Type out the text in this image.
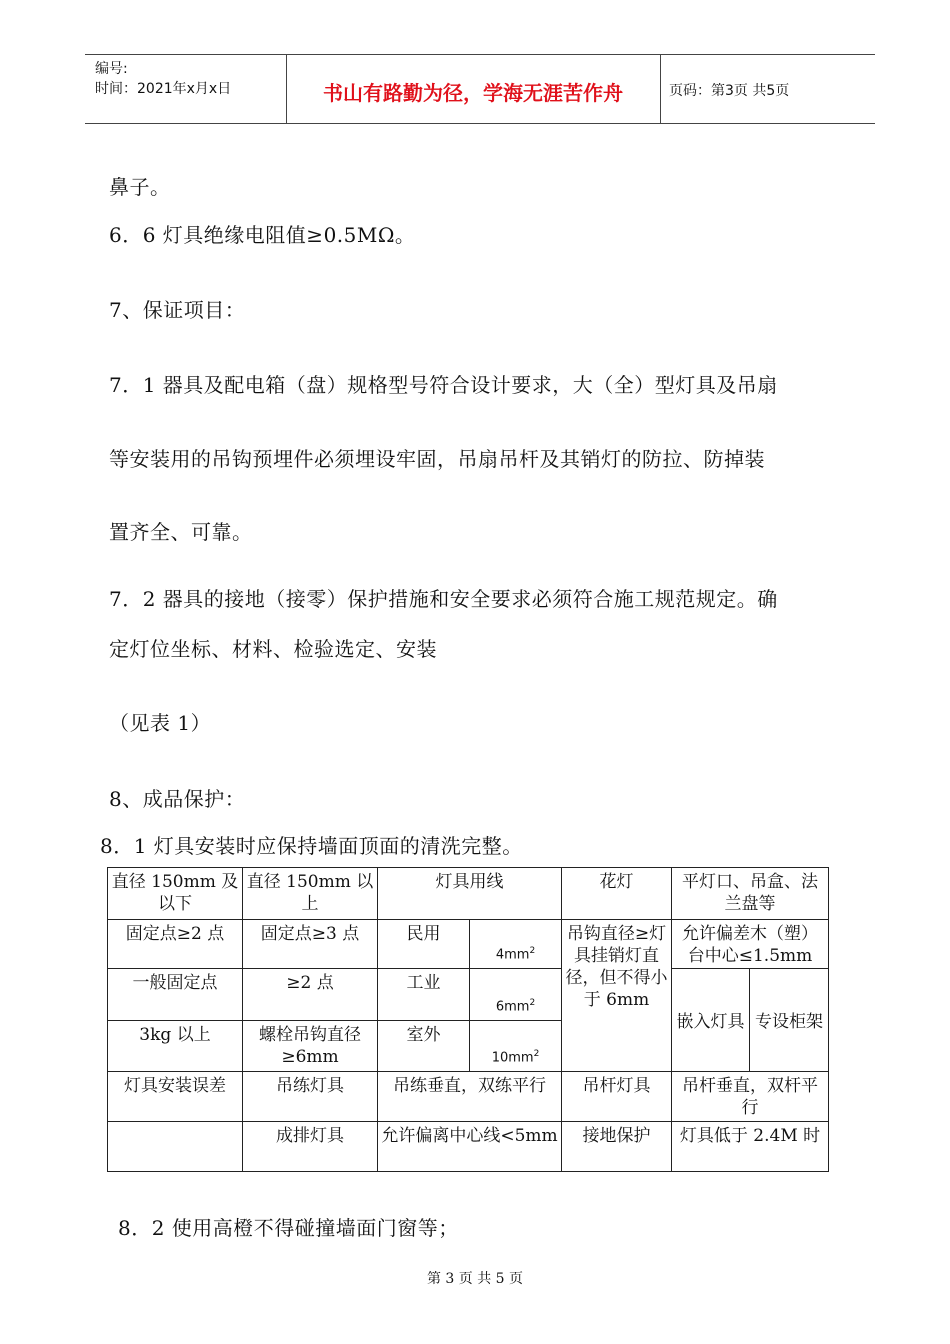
编号:
时间：2021年x月x日	书山有路勤为径，学海无涯苦作舟	页码：第3页 共5页
鼻子。
6．6 灯具绝缘电阻值≥0.5MΩ。
7、保证项目：
7．1 器具及配电箱（盘）规格型号符合设计要求，大（全）型灯具及吊扇
等安装用的吊钩预埋件必须埋设牢固，吊扇吊杆及其销灯的防拉、防掉装
置齐全、可靠。
7．2 器具的接地（接零）保护措施和安全要求必须符合施工规范规定。确
定灯位坐标、材料、检验选定、安装
（见表 1）
8、成品保护：
8．1 灯具安装时应保持墙面顶面的清洗完整。
直径 150mm 及以下	直径 150mm 以上	灯具用线		花灯	平灯口、吊盒、法兰盘等	
固定点≥2 点	固定点≥3 点	民用	$4mm^2$	吊钩直径≥灯具挂销灯直径，但不得小于 6mm	允许偏差木（塑）台中心≤1.5mm	
一般固定点	≥2 点	工业	$6mm^2$		嵌入灯具	专设柜架
3kg 以上	螺栓吊钩直径≥6mm	室外	$10mm^2$
灯具安装误差	吊练灯具	吊练垂直，双练平行		吊杆灯具	吊杆垂直，双杆平行	
	成排灯具	允许偏离中心线<5mm		接地保护	灯具低于 2.4M 时	
8．2 使用高橙不得碰撞墙面门窗等；
第 3 页 共 5 页
